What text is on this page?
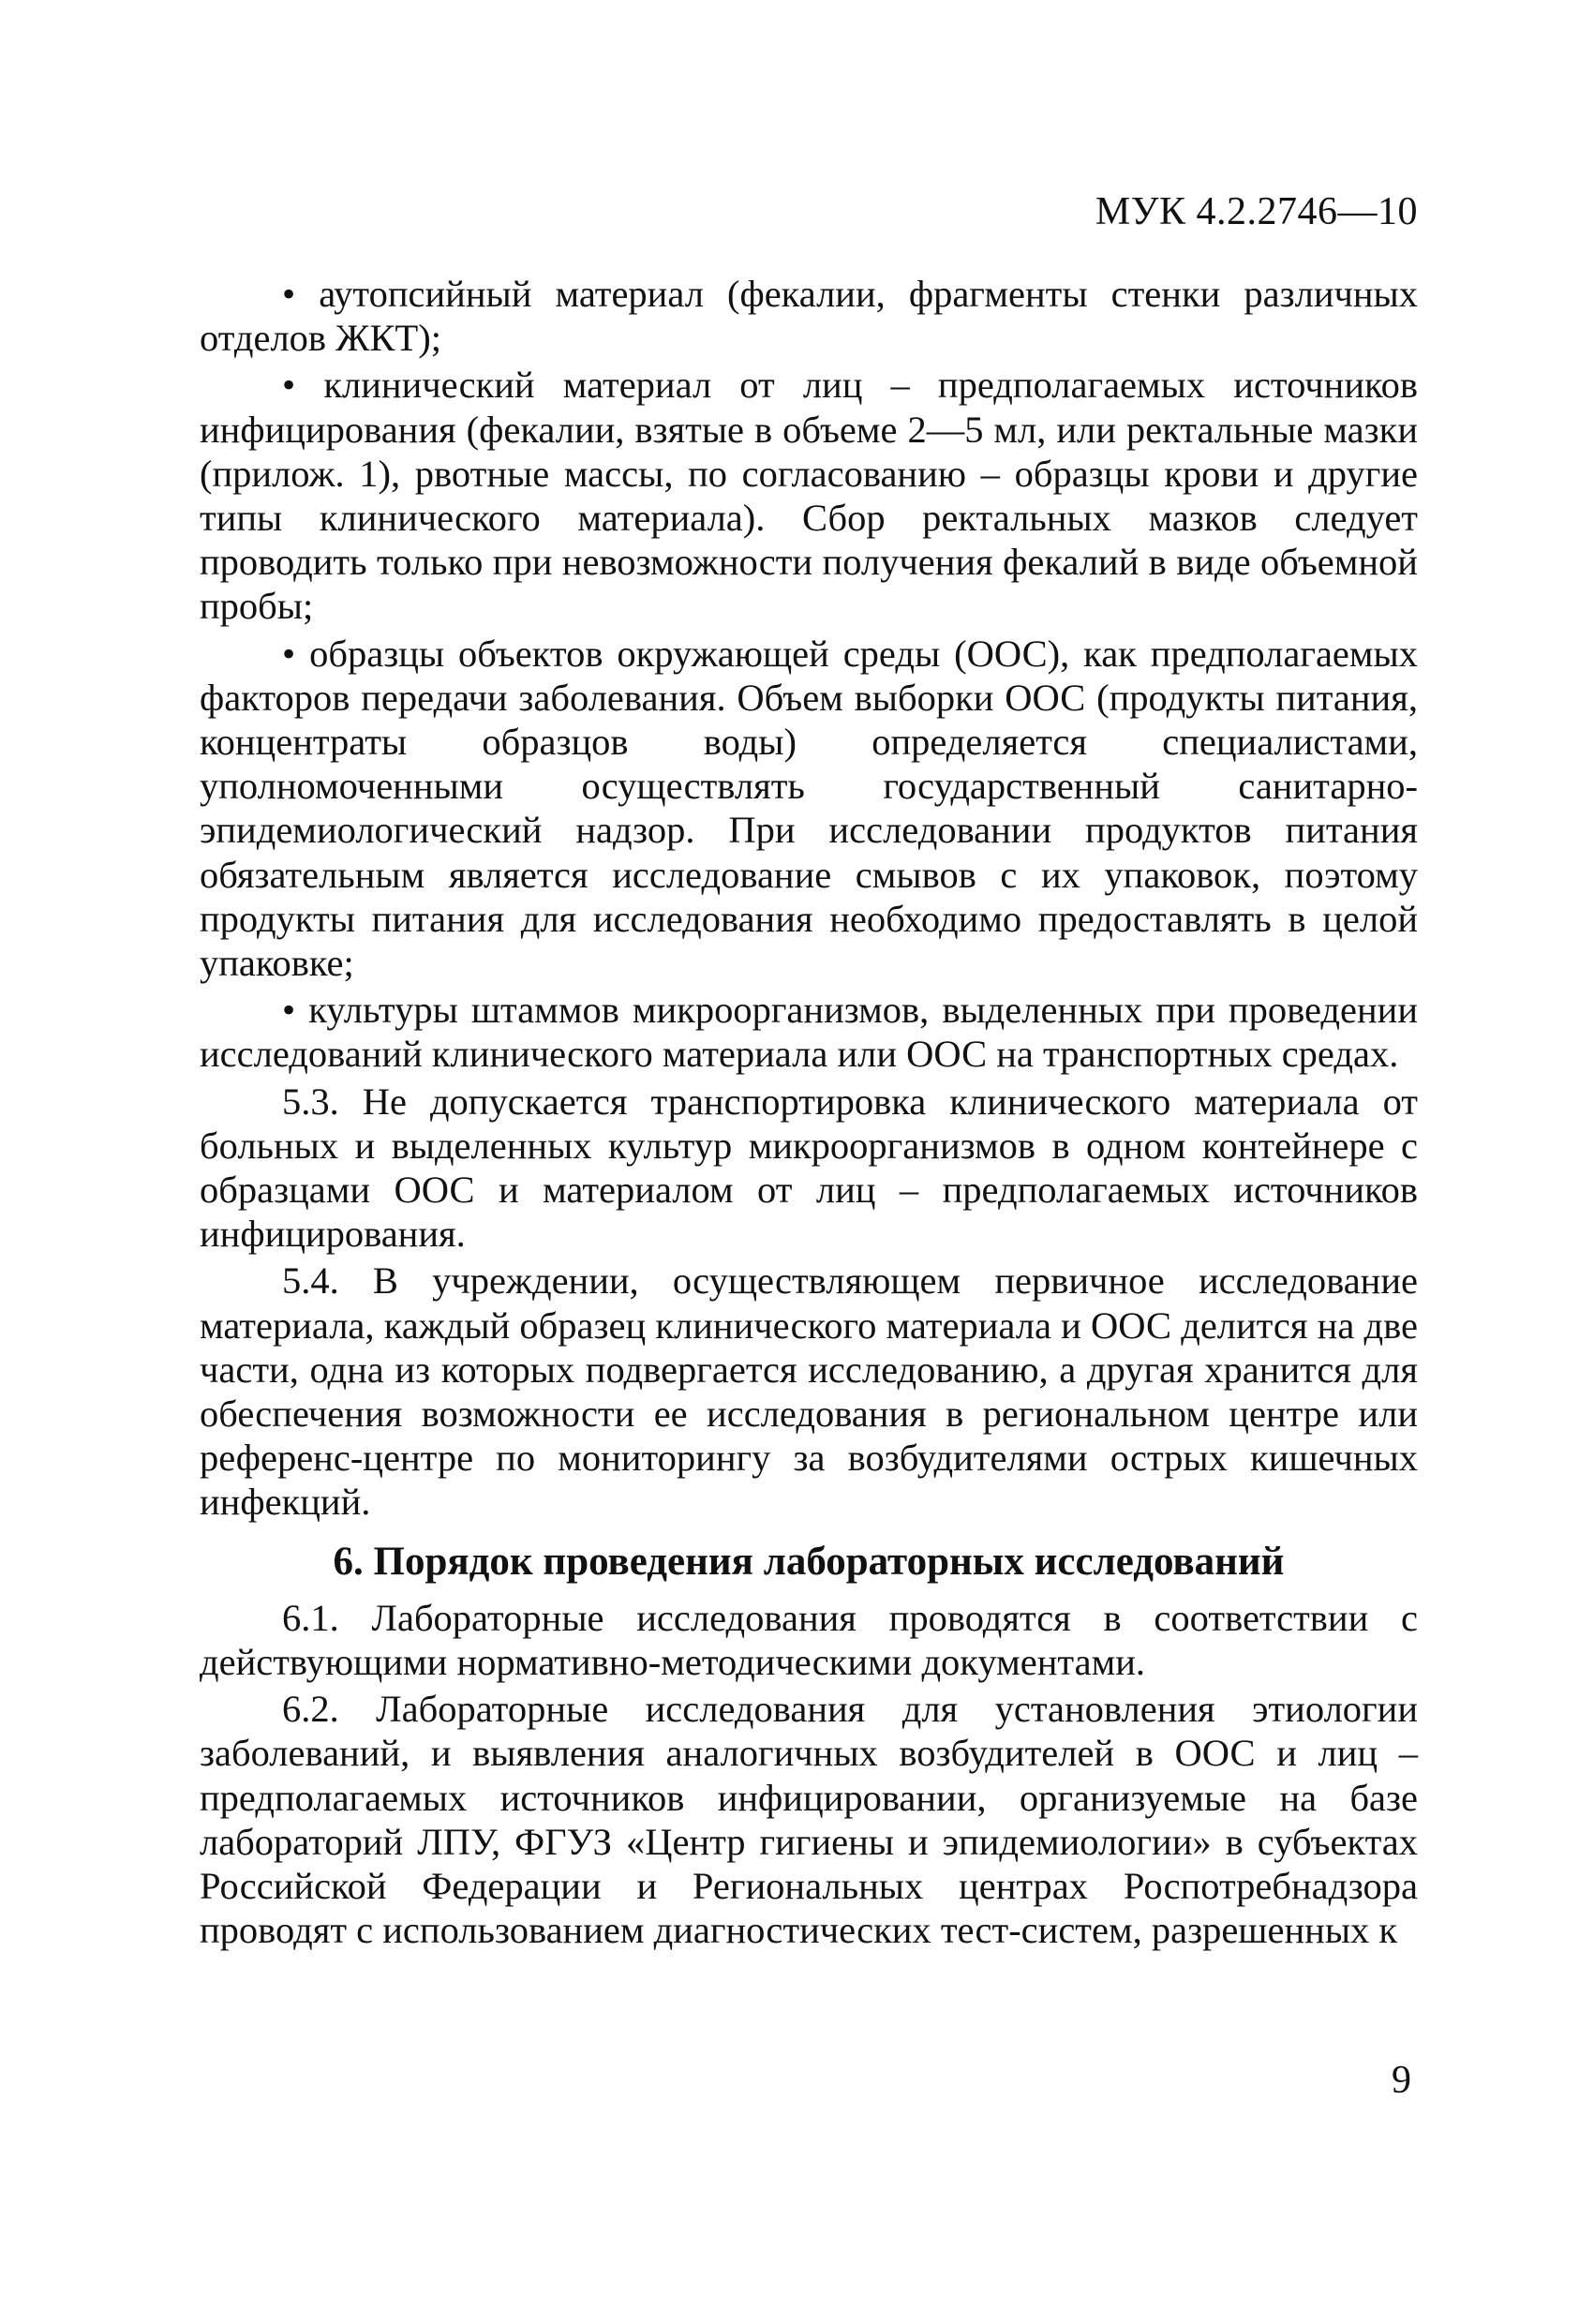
МУК 4.2.2746—10

• аутопсийный материал (фекалии, фрагменты стенки различных отделов ЖКТ);

• клинический материал от лиц – предполагаемых источников инфицирования (фекалии, взятые в объеме 2—5 мл, или ректальные мазки (прилож. 1), рвотные массы, по согласованию – образцы крови и другие типы клинического материала). Сбор ректальных мазков следует проводить только при невозможности получения фекалий в виде объемной пробы;

• образцы объектов окружающей среды (ООС), как предполагаемых факторов передачи заболевания. Объем выборки ООС (продукты питания, концентраты образцов воды) определяется специалистами, уполномоченными осуществлять государственный санитарно-эпидемиологический надзор. При исследовании продуктов питания обязательным является исследование смывов с их упаковок, поэтому продукты питания для исследования необходимо предоставлять в целой упаковке;

• культуры штаммов микроорганизмов, выделенных при проведении исследований клинического материала или ООС на транспортных средах.

5.3. Не допускается транспортировка клинического материала от больных и выделенных культур микроорганизмов в одном контейнере с образцами ООС и материалом от лиц – предполагаемых источников инфицирования.

5.4. В учреждении, осуществляющем первичное исследование материала, каждый образец клинического материала и ООС делится на две части, одна из которых подвергается исследованию, а другая хранится для обеспечения возможности ее исследования в региональном центре или референс-центре по мониторингу за возбудителями острых кишечных инфекций.

6. Порядок проведения лабораторных исследований

6.1. Лабораторные исследования проводятся в соответствии с действующими нормативно-методическими документами.

6.2. Лабораторные исследования для установления этиологии заболеваний, и выявления аналогичных возбудителей в ООС и лиц – предполагаемых источников инфицировании, организуемые на базе лабораторий ЛПУ, ФГУЗ «Центр гигиены и эпидемиологии» в субъектах Российской Федерации и Региональных центрах Роспотребнадзора проводят с использованием диагностических тест-систем, разрешенных к

9
